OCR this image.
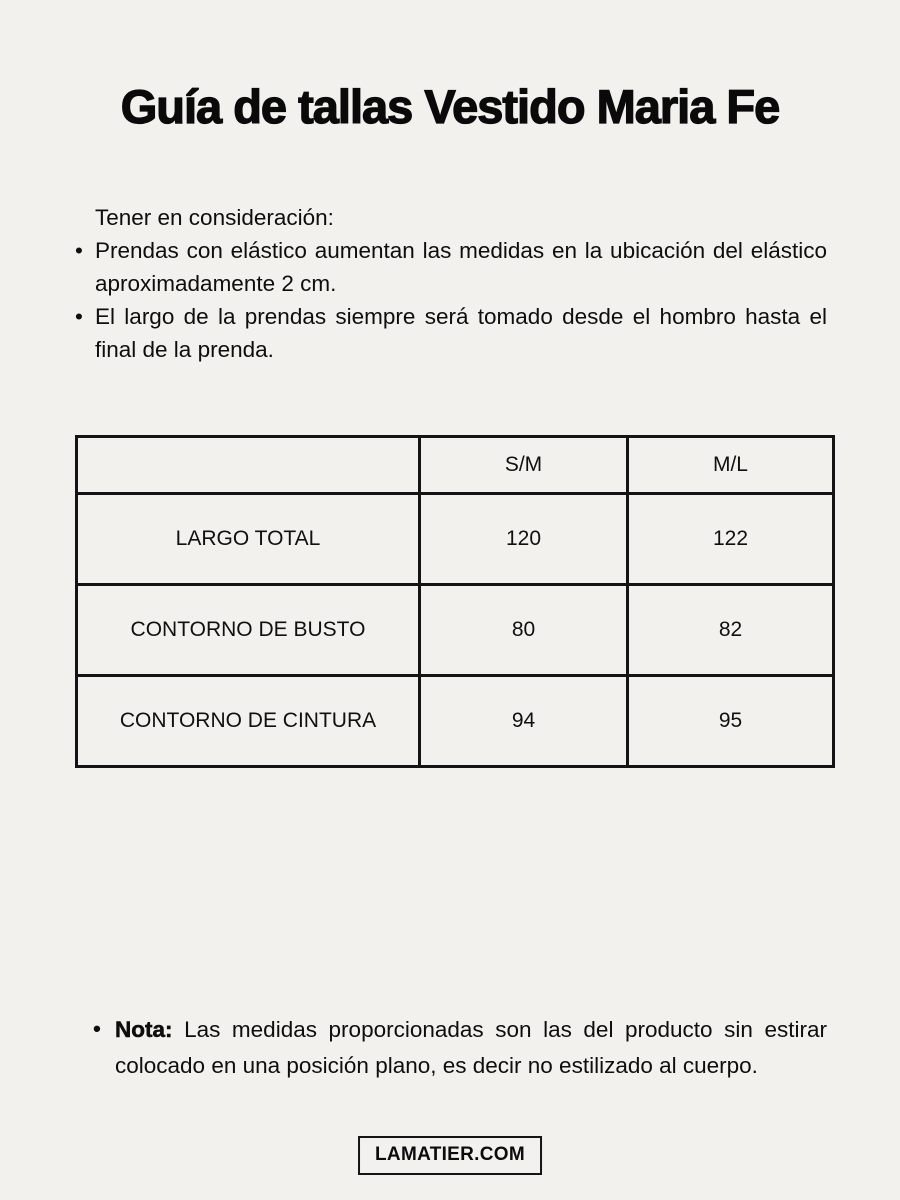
Guía de tallas Vestido Maria Fe
Tener en consideración:
• Prendas con elástico aumentan las medidas en la ubicación del elástico aproximadamente 2 cm.
• El largo de la prendas siempre será tomado desde el hombro hasta el final de la prenda.
	S/M	M/L
LARGO TOTAL	120	122
CONTORNO DE BUSTO	80	82
CONTORNO DE CINTURA	94	95
• Nota: Las medidas proporcionadas son las del producto sin estirar colocado en una posición plano, es decir no estilizado al cuerpo.
LAMATIER.COM
